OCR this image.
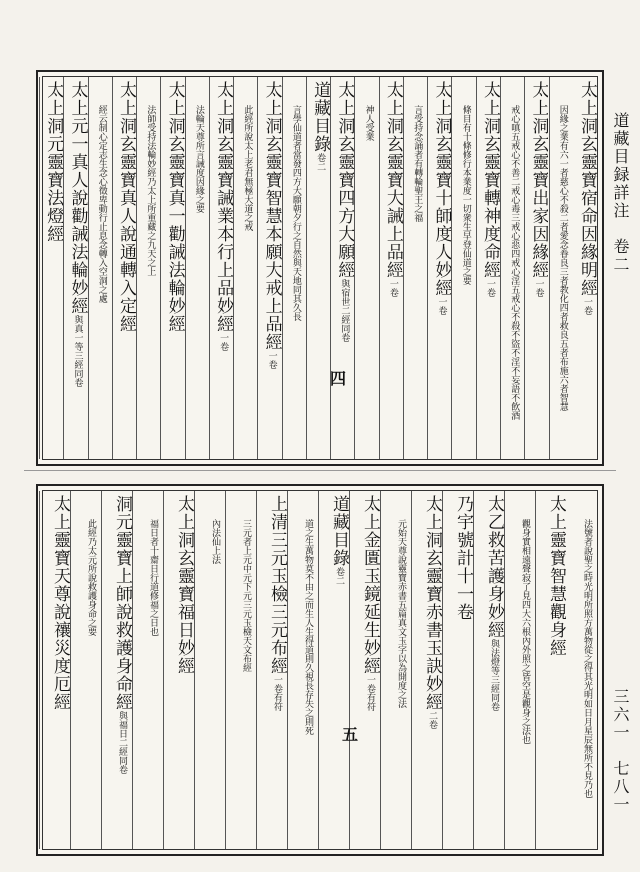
道藏目録詳注　卷二
三六一　七八一
太上洞玄靈寶宿命因緣明經一卷
因緣之業有六一者慈心不殺二者愛念眷良三者教化四者救良五者布施六者智慧
太上洞玄靈寶出家因緣經一卷
戒心嗔五戒心不善二戒心毒三戒心惡四戒心淫五戒心不殺不盜不淫不妄語不飲酒
太上洞玄靈寶轉神度命經一卷
條目有十條修行本業度一切衆生早登仙道之要
太上洞玄靈寶十師度人妙經一卷
言受持念誦者有轉輪聖王之福
太上洞玄靈寶大誡上品經一卷
神人受業
太上洞玄靈寶四方大願經與宿世二經同卷
道藏目錄卷二
言學仙道者當發四方大願朝夕行之自然與天地同其久長
太上洞玄靈寶智慧本願大戒上品經一卷
此經所說太上老君無極大道之戒
太上洞玄靈寶誡業本行上品妙經一卷
法輪天尊所言誡度因緣之要
太上洞玄靈寶真一勸誡法輪妙經
法師受持法輪妙經乃太上所重藏之九天之上
太上洞玄靈寶真人說通轉入定經
經云制心定志生念心徵卑動行止息念轉入空洞之處
太上元一真人說勸誡法輪妙經與真一等三經同卷
太上洞元靈寶法燈經
四
法號者說聖之時光明所照方萬物從之得其光明如日月星辰無所不見乃也
太上靈寶智慧觀身經
觀身實相遠聲寂了見四大六根內外照之皆空是觀身之法也
太乙救苦護身妙經與法燈等三經同卷
乃宇號計十一卷
太上洞玄靈寶赤書玉訣妙經二卷
元始天尊說靈寶赤書五篇真文玉字以為開度之法
太上金匱玉鏡延生妙經一卷有符
道藏目錄卷二
道之生萬物莫不由之而生人生得道則久視長存失之則死
上清三元玉檢三元布經一卷有符
三元者上元中元下元三元玉檢天文布經
內法仙上法
太上洞玄靈寶福日妙經
福日者十齋日行道修福之日也
洞元靈寶上師說救護身命經與福日二經同卷
此經乃太元所說救護身命之要
太上靈寶天尊說禳災度厄經
五
